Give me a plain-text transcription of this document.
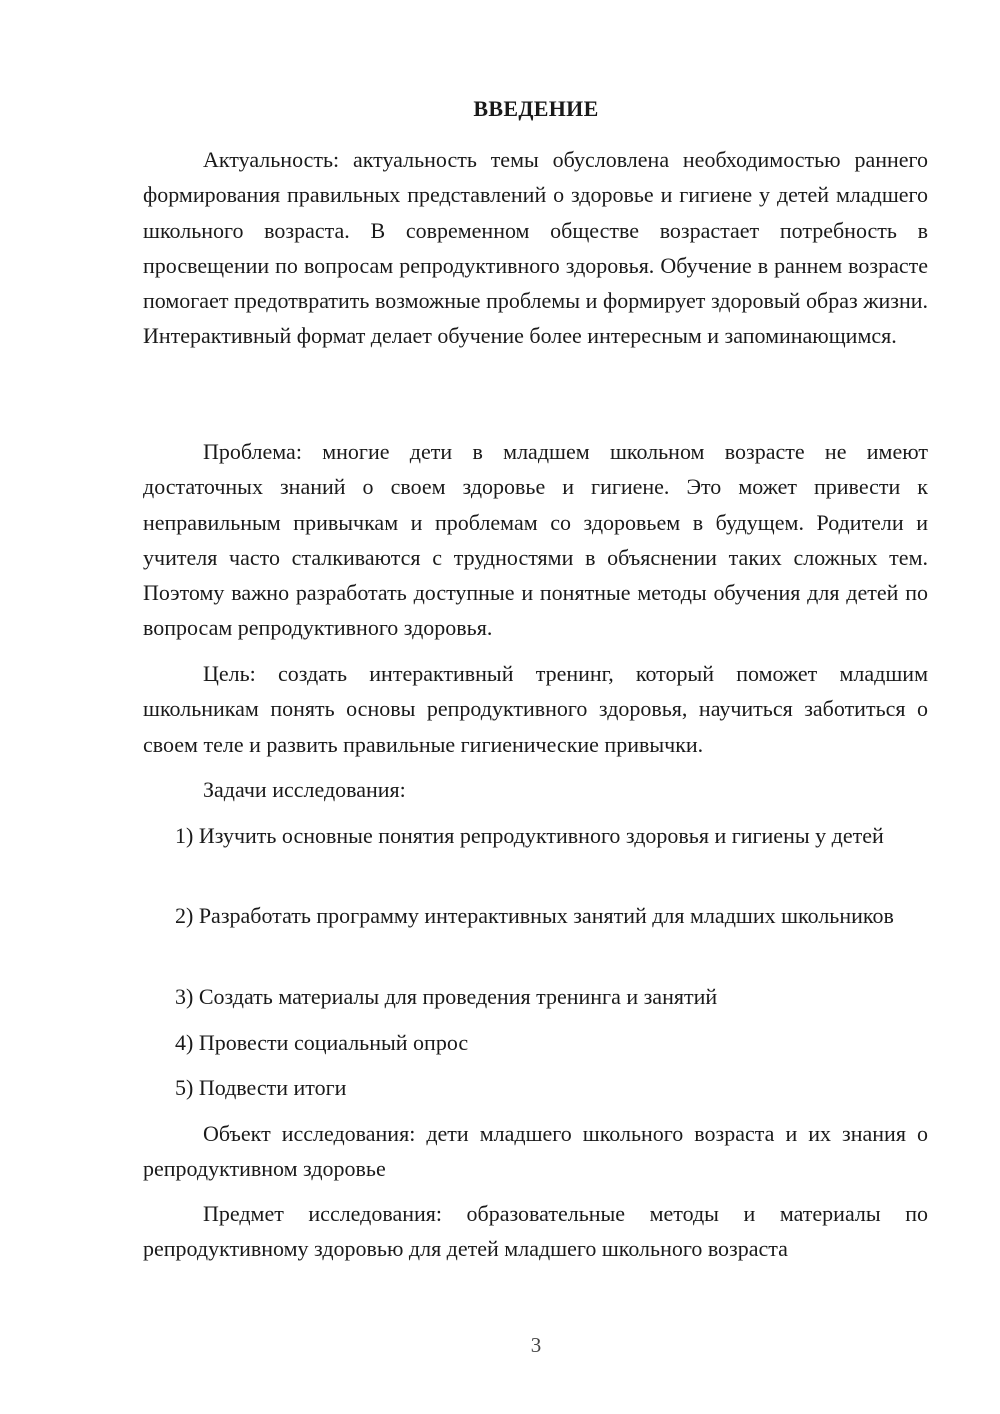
ВВЕДЕНИЕ

Актуальность: актуальность темы обусловлена необходимостью раннего формирования правильных представлений о здоровье и гигиене у детей младшего школьного возраста. В современном обществе возрастает потребность в просвещении по вопросам репродуктивного здоровья. Обучение в раннем возрасте помогает предотвратить возможные проблемы и формирует здоровый образ жизни. Интерактивный формат делает обучение более интересным и запоминающимся.

Проблема: многие дети в младшем школьном возрасте не имеют достаточных знаний о своем здоровье и гигиене. Это может привести к неправильным привычкам и проблемам со здоровьем в будущем. Родители и учителя часто сталкиваются с трудностями в объяснении таких сложных тем. Поэтому важно разработать доступные и понятные методы обучения для детей по вопросам репродуктивного здоровья.

Цель: создать интерактивный тренинг, который поможет младшим школьникам понять основы репродуктивного здоровья, научиться заботиться о своем теле и развить правильные гигиенические привычки.

Задачи исследования:

1) Изучить основные понятия репродуктивного здоровья и гигиены у детей

2) Разработать программу интерактивных занятий для младших школьников

3) Создать материалы для проведения тренинга и занятий

4) Провести социальный опрос

5) Подвести итоги

Объект исследования: дети младшего школьного возраста и их знания о репродуктивном здоровье

Предмет исследования: образовательные методы и материалы по репродуктивному здоровью для детей младшего школьного возраста

3
